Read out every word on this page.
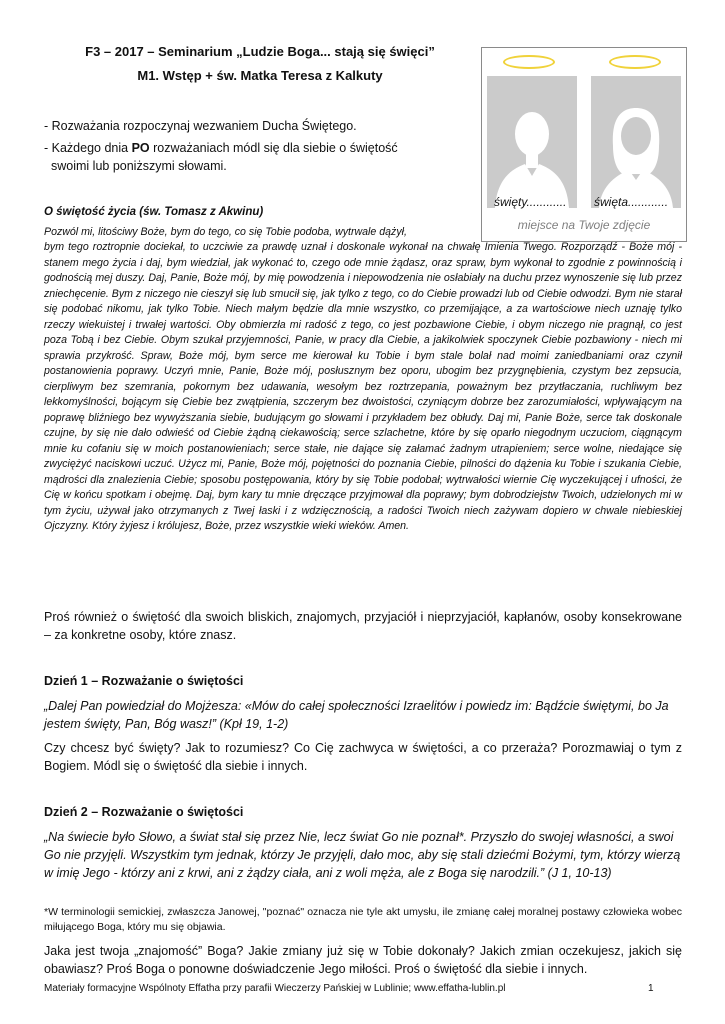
F3 – 2017 – Seminarium „Ludzie Boga... stają się święci”
M1. Wstęp + św. Matka Teresa z Kalkuty
- Rozważania rozpoczynaj wezwaniem Ducha Świętego.
- Każdego dnia PO rozważaniach módl się dla siebie o świętość
swoimi lub poniższymi słowami.
święty............ święta............
miejsce na Twoje zdjęcie
O świętość życia (św. Tomasz z Akwinu)
Pozwól mi, litościwy Boże, bym do tego, co się Tobie podoba, wytrwale dążył,
bym tego roztropnie dociekał, to uczciwie za prawdę uznał i doskonale wykonał na chwałę Imienia Twego. Rozporządź - Boże mój - stanem mego życia i daj, bym wiedział, jak wykonać to, czego ode mnie żądasz, oraz spraw, bym wykonał to zgodnie z powinnością i godnością mej duszy. Daj, Panie, Boże mój, by mię powodzenia i niepowodzenia nie osłabiały na duchu przez wynoszenie się lub przez zniechęcenie. Bym z niczego nie cieszył się lub smucił się, jak tylko z tego, co do Ciebie prowadzi lub od Ciebie odwodzi. Bym nie starał się podobać nikomu, jak tylko Tobie. Niech małym będzie dla mnie wszystko, co przemijające, a za wartościowe niech uznaję tylko rzeczy wiekuistej i trwałej wartości. Oby obmierzła mi radość z tego, co jest pozbawione Ciebie, i obym niczego nie pragnął, co jest poza Tobą i bez Ciebie. Obym szukał przyjemności, Panie, w pracy dla Ciebie, a jakikolwiek spoczynek Ciebie pozbawiony - niech mi sprawia przykrość. Spraw, Boże mój, bym serce me kierował ku Tobie i bym stale bolał nad moimi zaniedbaniami oraz czynił postanowienia poprawy. Uczyń mnie, Panie, Boże mój, posłusznym bez oporu, ubogim bez przygnębienia, czystym bez zepsucia, cierpliwym bez szemrania, pokornym bez udawania, wesołym bez roztrzepania, poważnym bez przytłaczania, ruchliwym bez lekkomyślności, bojącym się Ciebie bez zwątpienia, szczerym bez dwoistości, czyniącym dobrze bez zarozumiałości, wpływającym na poprawę bliźniego bez wywyższania siebie, budującym go słowami i przykładem bez obłudy. Daj mi, Panie Boże, serce tak doskonale czujne, by się nie dało odwieść od Ciebie żądną ciekawością; serce szlachetne, które by się oparło niegodnym uczuciom, ciągnącym mnie ku cofaniu się w moich postanowieniach; serce stałe, nie dające się załamać żadnym utrapieniem; serce wolne, niedające się zwyciężyć naciskowi uczuć. Użycz mi, Panie, Boże mój, pojętności do poznania Ciebie, pilności do dążenia ku Tobie i szukania Ciebie, mądrości dla znalezienia Ciebie; sposobu postępowania, który by się Tobie podobał; wytrwałości wiernie Cię wyczekującej i ufności, że Cię w końcu spotkam i obejmę. Daj, bym kary tu mnie dręczące przyjmował dla poprawy; bym dobrodziejstw Twoich, udzielonych mi w tym życiu, używał jako otrzymanych z Twej łaski i z wdzięcznością, a radości Twoich niech zażywam dopiero w chwale niebieskiej Ojczyzny. Który żyjesz i królujesz, Boże, przez wszystkie wieki wieków. Amen.
Proś również o świętość dla swoich bliskich, znajomych, przyjaciół i nieprzyjaciół, kapłanów, osoby konsekrowane – za konkretne osoby, które znasz.
Dzień 1 – Rozważanie o świętości
„Dalej Pan powiedział do Mojżesza: «Mów do całej społeczności Izraelitów i powiedz im: Bądźcie świętymi, bo Ja jestem święty, Pan, Bóg wasz!” (Kpł 19, 1-2)
Czy chcesz być święty? Jak to rozumiesz? Co Cię zachwyca w świętości, a co przeraża? Porozmawiaj o tym z Bogiem. Módl się o świętość dla siebie i innych.
Dzień 2 – Rozważanie o świętości
„Na świecie było Słowo, a świat stał się przez Nie, lecz świat Go nie poznał*. Przyszło do swojej własności, a swoi Go nie przyjęli. Wszystkim tym jednak, którzy Je przyjęli, dało moc, aby się stali dziećmi Bożymi, tym, którzy wierzą w imię Jego - którzy ani z krwi, ani z żądzy ciała, ani z woli męża, ale z Boga się narodzili.” (J 1, 10-13)
*W terminologii semickiej, zwłaszcza Janowej, "poznać" oznacza nie tyle akt umysłu, ile zmianę całej moralnej postawy człowieka wobec miłującego Boga, który mu się objawia.
Jaka jest twoja „znajomość” Boga? Jakie zmiany już się w Tobie dokonały? Jakich zmian oczekujesz, jakich się obawiasz? Proś Boga o ponowne doświadczenie Jego miłości. Proś o świętość dla siebie i innych.
Materiały formacyjne Wspólnoty Effatha przy parafii Wieczerzy Pańskiej w Lublinie; www.effatha-lublin.pl	1
